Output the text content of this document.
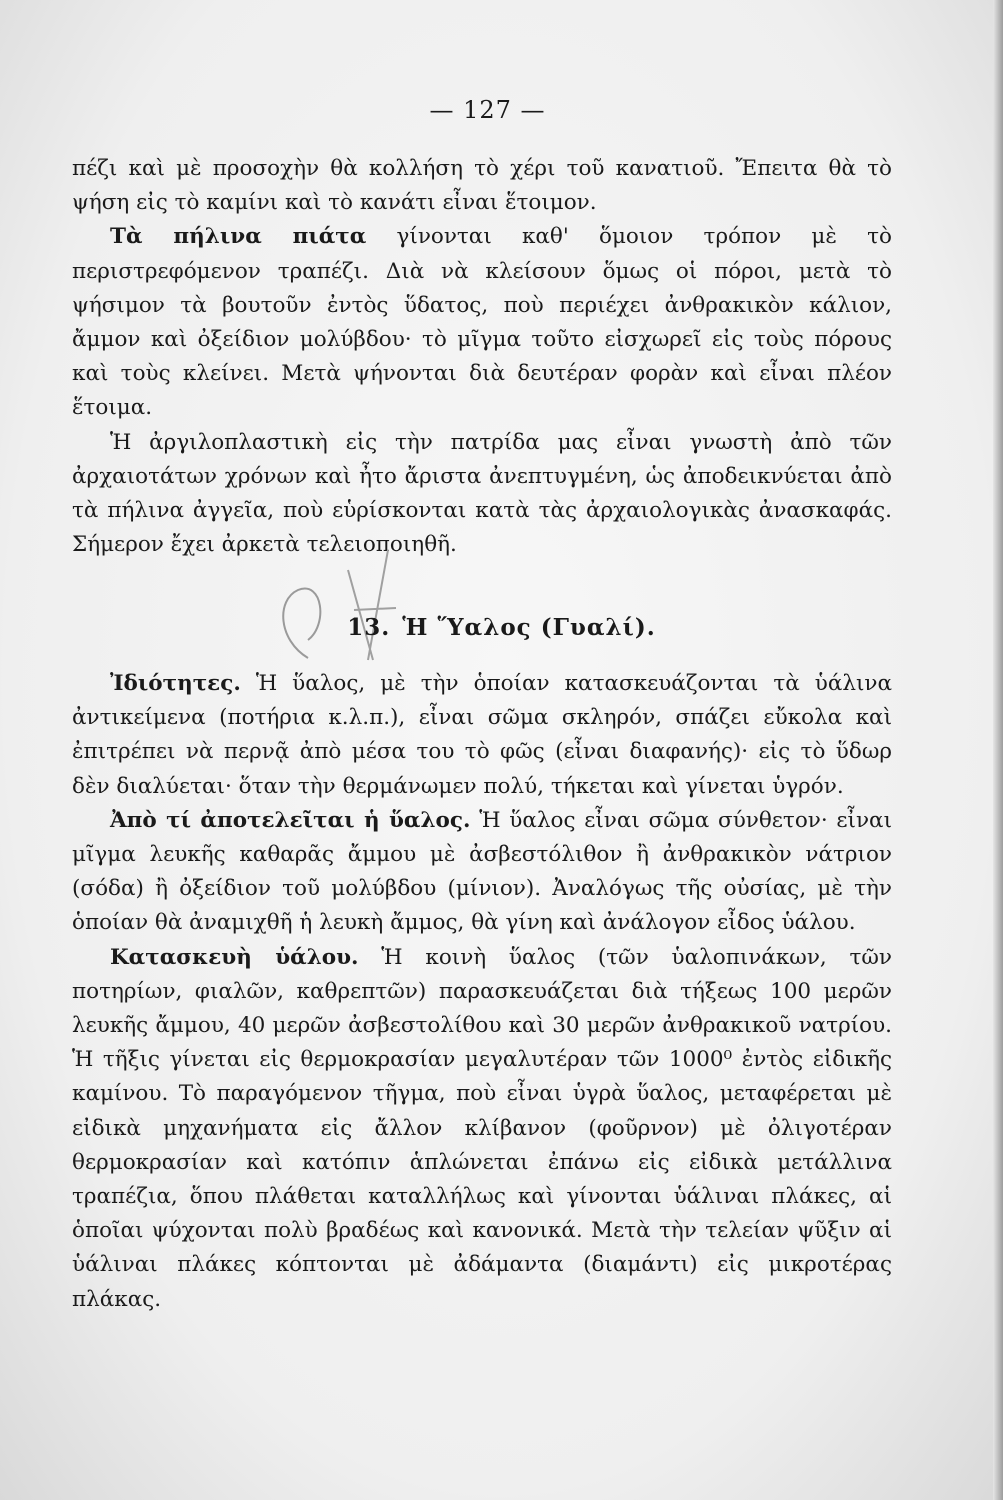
— 127 —

πέζι καὶ μὲ προσοχὴν θὰ κολλήση τὸ χέρι τοῦ κανατιοῦ. Ἔπειτα θὰ τὸ ψήση εἰς τὸ καμίνι καὶ τὸ κανάτι εἶναι ἕτοιμον.

Τὰ πήλινα πιάτα γίνονται καθ' ὅμοιον τρόπον μὲ τὸ περιστρεφόμενον τραπέζι. Διὰ νὰ κλείσουν ὅμως οἱ πόροι, μετὰ τὸ ψήσιμον τὰ βουτοῦν ἐντὸς ὕδατος, ποὺ περιέχει ἀνθρακικὸν κάλιον, ἄμμον καὶ ὀξείδιον μολύβδου· τὸ μῖγμα τοῦτο εἰσχωρεῖ εἰς τοὺς πόρους καὶ τοὺς κλείνει. Μετὰ ψήνονται διὰ δευτέραν φορὰν καὶ εἶναι πλέον ἕτοιμα.

Ἡ ἀργιλοπλαστικὴ εἰς τὴν πατρίδα μας εἶναι γνωστὴ ἀπὸ τῶν ἀρχαιοτάτων χρόνων καὶ ἦτο ἄριστα ἀνεπτυγμένη, ὡς ἀποδεικνύεται ἀπὸ τὰ πήλινα ἀγγεῖα, ποὺ εὑρίσκονται κατὰ τὰς ἀρχαιολογικὰς ἀνασκαφάς. Σήμερον ἔχει ἀρκετὰ τελειοποιηθῆ.

13. Ἡ Ὕαλος (Γυαλί).

Ἰδιότητες. Ἡ ὕαλος, μὲ τὴν ὁποίαν κατασκευάζονται τὰ ὑάλινα ἀντικείμενα (ποτήρια κ.λ.π.), εἶναι σῶμα σκληρόν, σπάζει εὔκολα καὶ ἐπιτρέπει νὰ περνᾷ ἀπὸ μέσα του τὸ φῶς (εἶναι διαφανής)· εἰς τὸ ὕδωρ δὲν διαλύεται· ὅταν τὴν θερμάνωμεν πολύ, τήκεται καὶ γίνεται ὑγρόν.

Ἀπὸ τί ἀποτελεῖται ἡ ὕαλος. Ἡ ὕαλος εἶναι σῶμα σύνθετον· εἶναι μῖγμα λευκῆς καθαρᾶς ἄμμου μὲ ἀσβεστόλιθον ἢ ἀνθρακικὸν νάτριον (σόδα) ἢ ὀξείδιον τοῦ μολύβδου (μίνιον). Ἀναλόγως τῆς οὐσίας, μὲ τὴν ὁποίαν θὰ ἀναμιχθῆ ἡ λευκὴ ἄμμος, θὰ γίνη καὶ ἀνάλογον εἶδος ὑάλου.

Κατασκευὴ ὑάλου. Ἡ κοινὴ ὕαλος (τῶν ὑαλοπινάκων, τῶν ποτηρίων, φιαλῶν, καθρεπτῶν) παρασκευάζεται διὰ τήξεως 100 μερῶν λευκῆς ἄμμου, 40 μερῶν ἀσβεστολίθου καὶ 30 μερῶν ἀνθρακικοῦ νατρίου. Ἡ τῆξις γίνεται εἰς θερμοκρασίαν μεγαλυτέραν τῶν 1000⁰ ἐντὸς εἰδικῆς καμίνου. Τὸ παραγόμενον τῆγμα, ποὺ εἶναι ὑγρὰ ὕαλος, μεταφέρεται μὲ εἰδικὰ μηχανήματα εἰς ἄλλον κλίβανον (φοῦρνον) μὲ ὀλιγοτέραν θερμοκρασίαν καὶ κατόπιν ἁπλώνεται ἐπάνω εἰς εἰδικὰ μετάλλινα τραπέζια, ὅπου πλάθεται καταλλήλως καὶ γίνονται ὑάλιναι πλάκες, αἱ ὁποῖαι ψύχονται πολὺ βραδέως καὶ κανονικά. Μετὰ τὴν τελείαν ψῦξιν αἱ ὑάλιναι πλάκες κόπτονται μὲ ἀδάμαντα (διαμάντι) εἰς μικροτέρας πλάκας.
